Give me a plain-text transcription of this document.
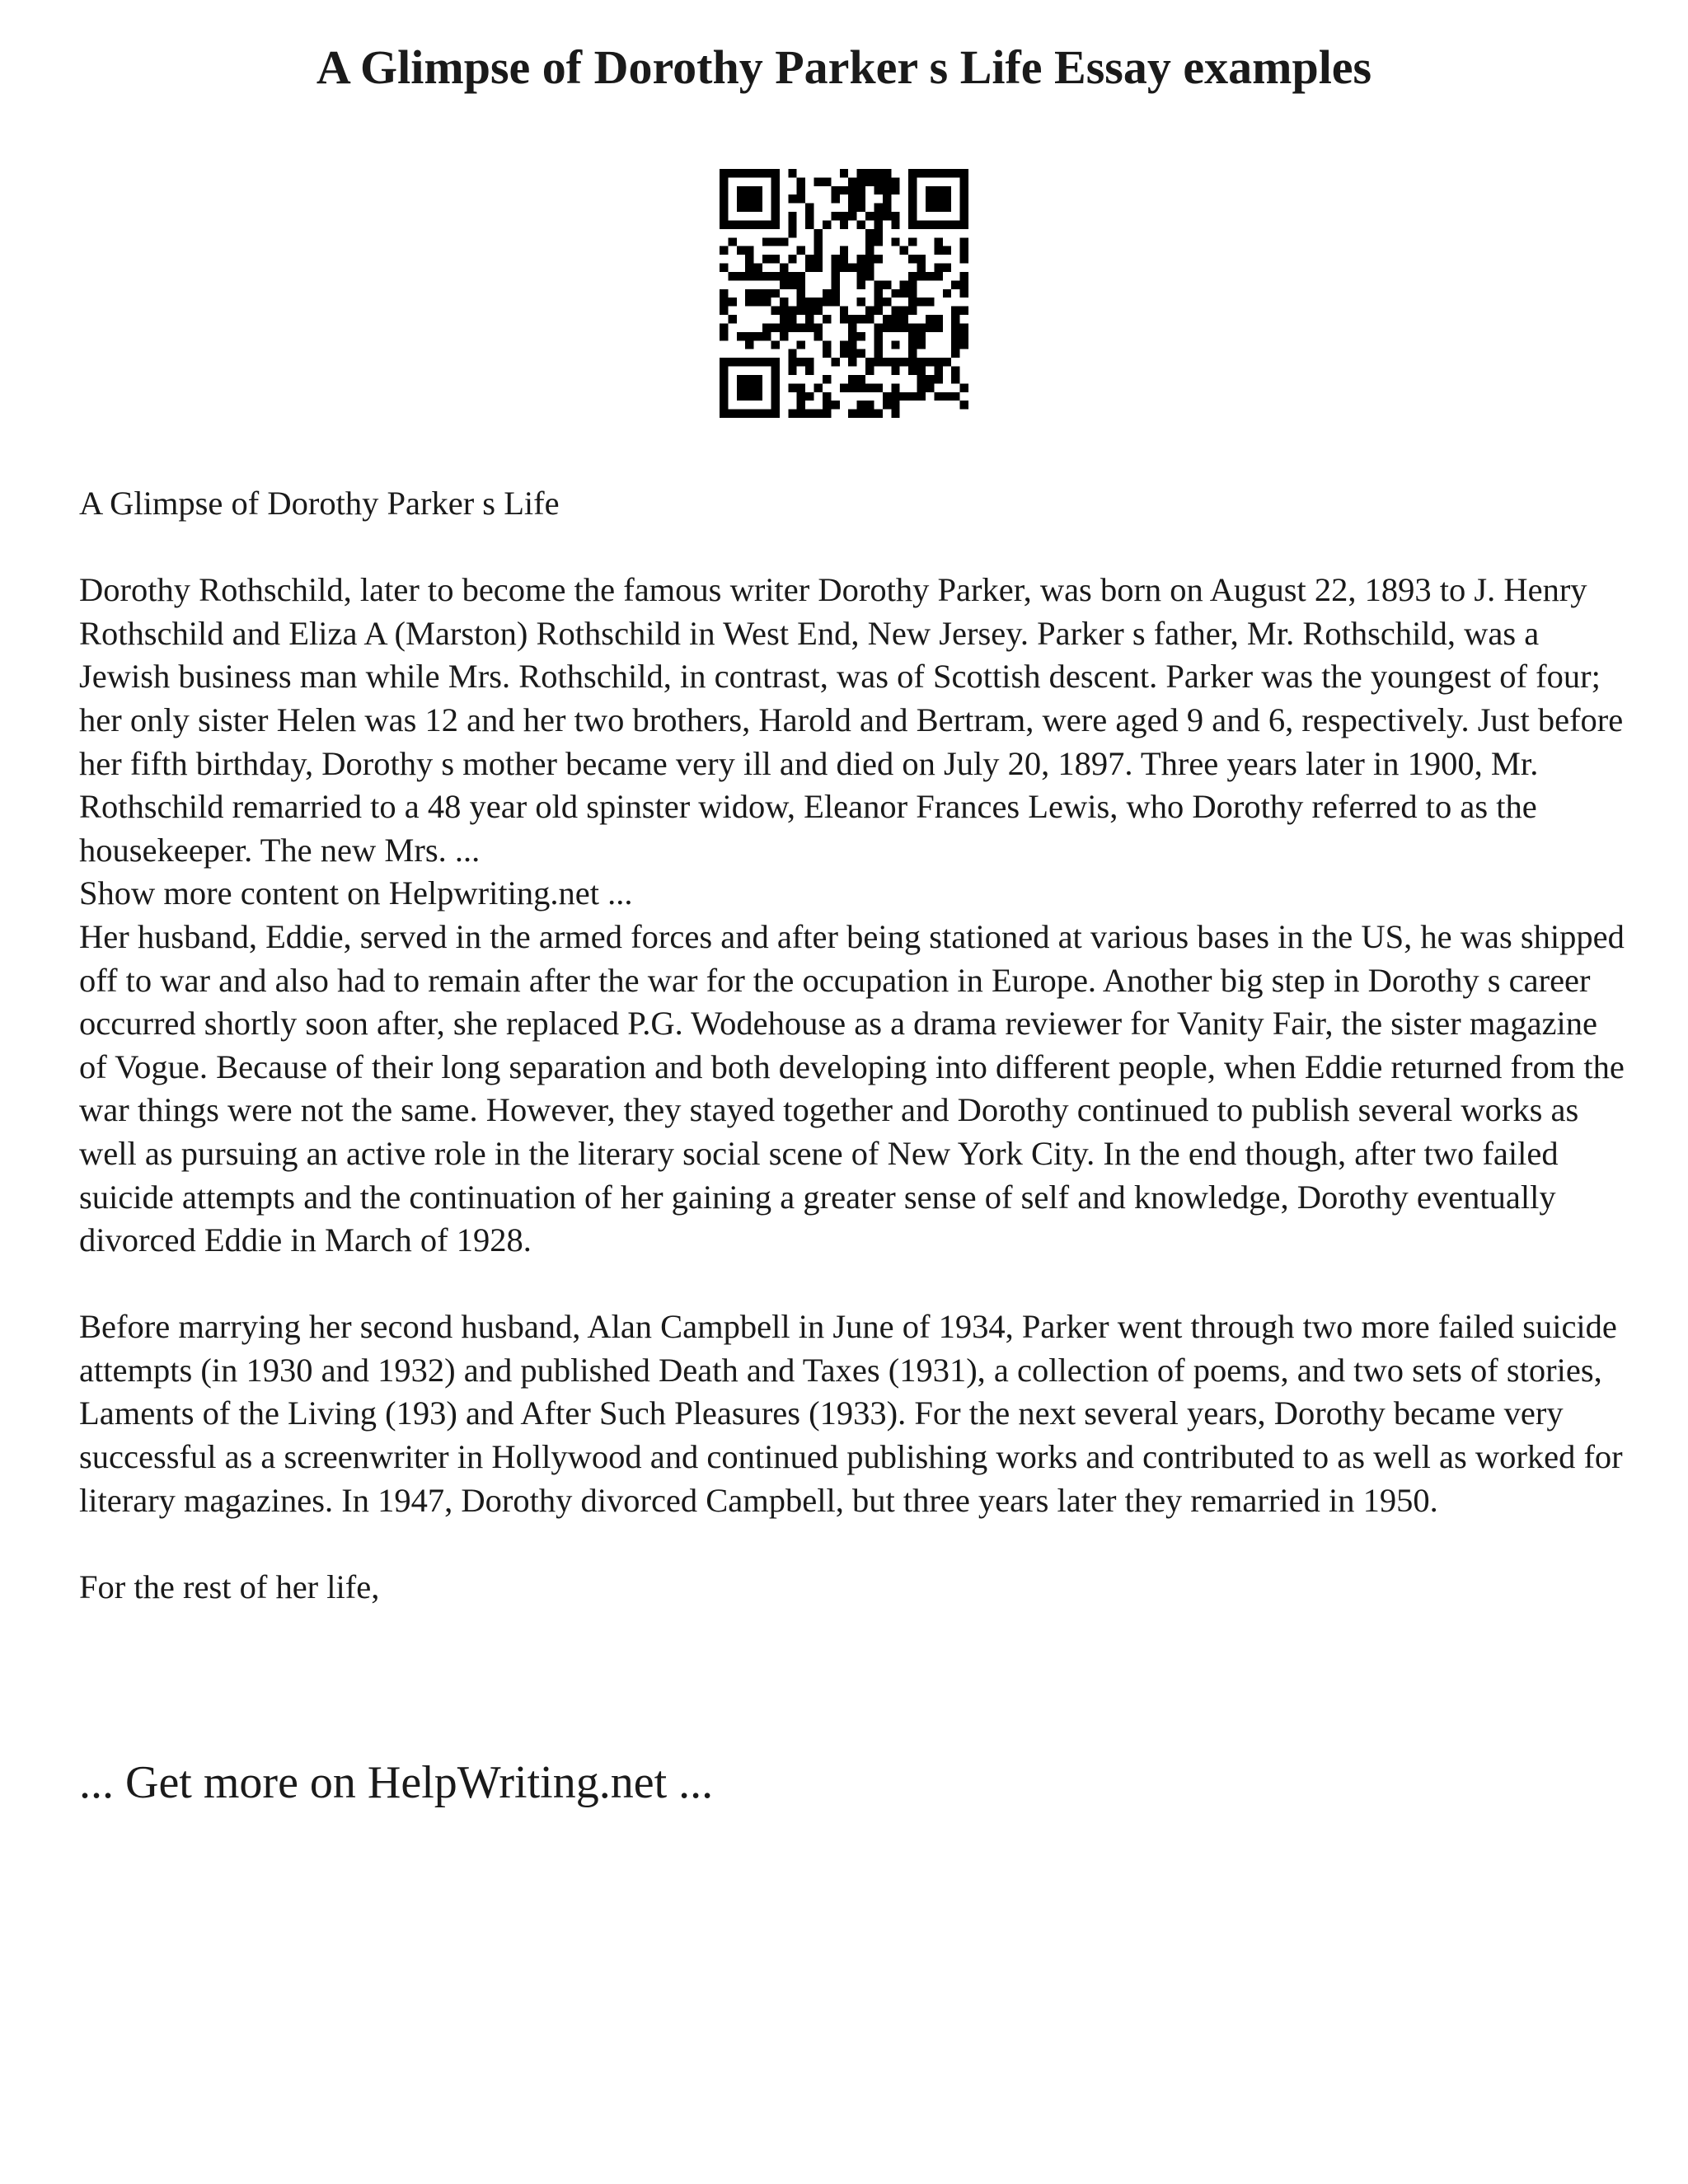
A Glimpse of Dorothy Parker s Life Essay examples

A Glimpse of Dorothy Parker s Life

Dorothy Rothschild, later to become the famous writer Dorothy Parker, was born on August 22, 1893 to J. Henry Rothschild and Eliza A (Marston) Rothschild in West End, New Jersey. Parker s father, Mr. Rothschild, was a Jewish business man while Mrs. Rothschild, in contrast, was of Scottish descent. Parker was the youngest of four; her only sister Helen was 12 and her two brothers, Harold and Bertram, were aged 9 and 6, respectively. Just before her fifth birthday, Dorothy s mother became very ill and died on July 20, 1897. Three years later in 1900, Mr. Rothschild remarried to a 48 year old spinster widow, Eleanor Frances Lewis, who Dorothy referred to as the housekeeper. The new Mrs. ...

Show more content on Helpwriting.net ...

Her husband, Eddie, served in the armed forces and after being stationed at various bases in the US, he was shipped off to war and also had to remain after the war for the occupation in Europe. Another big step in Dorothy s career occurred shortly soon after, she replaced P.G. Wodehouse as a drama reviewer for Vanity Fair, the sister magazine of Vogue. Because of their long separation and both developing into different people, when Eddie returned from the war things were not the same. However, they stayed together and Dorothy continued to publish several works as well as pursuing an active role in the literary social scene of New York City. In the end though, after two failed suicide attempts and the continuation of her gaining a greater sense of self and knowledge, Dorothy eventually divorced Eddie in March of 1928.

Before marrying her second husband, Alan Campbell in June of 1934, Parker went through two more failed suicide attempts (in 1930 and 1932) and published Death and Taxes (1931), a collection of poems, and two sets of stories, Laments of the Living (193) and After Such Pleasures (1933). For the next several years, Dorothy became very successful as a screenwriter in Hollywood and continued publishing works and contributed to as well as worked for literary magazines. In 1947, Dorothy divorced Campbell, but three years later they remarried in 1950.

For the rest of her life,

... Get more on HelpWriting.net ...
